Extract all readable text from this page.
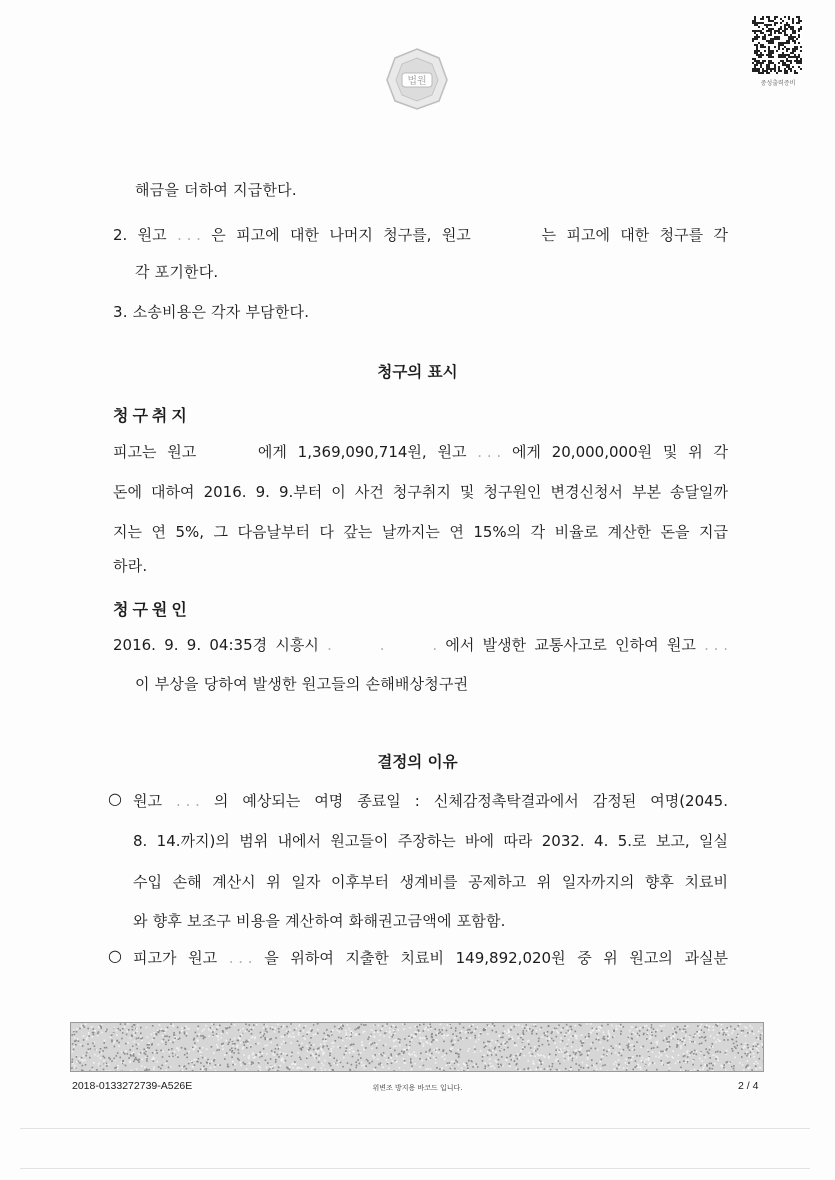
법원	중성출력증비
해금을 더하여 지급한다.
2. 원고 . . . 은 피고에 대한 나머지 청구를, 원고	는 피고에 대한 청구를 각
각 포기한다.
3. 소송비용은 각자 부담한다.
청구의 표시
청구취지
피고는 원고	에게 1,369,090,714원, 원고 . . . 에게 20,000,000원 및 위 각
돈에 대하여 2016. 9. 9.부터 이 사건 청구취지 및 청구원인 변경신청서 부본 송달일까
지는 연 5%, 그 다음날부터 다 갚는 날까지는 연 15%의 각 비율로 계산한 돈을 지급
하라.
청구원인
2016. 9. 9. 04:35경 시흥시 . . . 에서 발생한 교통사고로 인하여 원고 . . .
이 부상을 당하여 발생한 원고들의 손해배상청구권
결정의 이유
○ 원고 . . . 의 예상되는 여명 종료일 : 신체감정촉탁결과에서 감정된 여명(2045.
8. 14.까지)의 범위 내에서 원고들이 주장하는 바에 따라 2032. 4. 5.로 보고, 일실
수입 손해 계산시 위 일자 이후부터 생계비를 공제하고 위 일자까지의 향후 치료비
와 향후 보조구 비용을 계산하여 화해권고금액에 포함함.
○ 피고가 원고 . . . 을 위하여 지출한 치료비 149,892,020원 중 위 원고의 과실분
2018-0133272739-A526E	위변조 방지용 바코드 입니다.	2 / 4
